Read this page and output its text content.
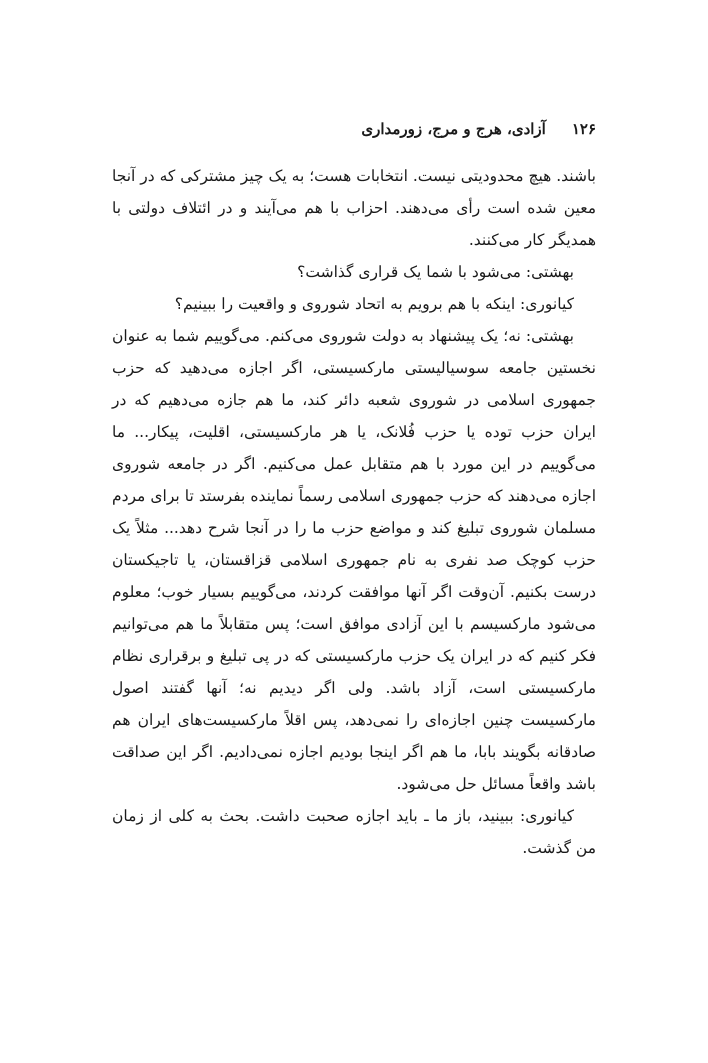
۱۲۶
آزادی، هرج و مرج، زورمداری

باشند. هیچ محدودیتی نیست. انتخابات هست؛ به یک چیز مشترکی که در آنجا معین شده است رأی می‌دهند. احزاب با هم می‌آیند و در ائتلاف دولتی با همدیگر کار می‌کنند.

بهشتی: می‌شود با شما یک قراری گذاشت؟

کیانوری: اینکه با هم برویم به اتحاد شوروی و واقعیت را ببینیم؟

بهشتی: نه؛ یک پیشنهاد به دولت شوروی می‌کنم. می‌گوییم شما به عنوان نخستین جامعه سوسیالیستی مارکسیستی، اگر اجازه می‌دهید که حزب جمهوری اسلامی در شوروی شعبه دائر کند، ما هم جازه می‌دهیم که در ایران حزب توده یا حزب فُلانک، یا هر مارکسیستی، اقلیت، پیکار... ما می‌گوییم در این مورد با هم متقابل عمل می‌کنیم. اگر در جامعه شوروی اجازه می‌دهند که حزب جمهوری اسلامی رسماً نماینده بفرستد تا برای مردم مسلمان شوروی تبلیغ کند و مواضع حزب ما را در آنجا شرح دهد... مثلاً یک حزب کوچک صد نفری به نام جمهوری اسلامی قزاقستان، یا تاجیکستان درست بکنیم. آن‌وقت اگر آنها موافقت کردند، می‌گوییم بسیار خوب؛ معلوم می‌شود مارکسیسم با این آزادی موافق است؛ پس متقابلاً ما هم می‌توانیم فکر کنیم که در ایران یک حزب مارکسیستی که در پی تبلیغ و برقراری نظام مارکسیستی است، آزاد باشد. ولی اگر دیدیم نه؛ آنها گفتند اصول مارکسیست چنین اجازه‌ای را نمی‌دهد، پس اقلاً مارکسیست‌های ایران هم صادقانه بگویند بابا، ما هم اگر اینجا بودیم اجازه نمی‌دادیم. اگر این صداقت باشد واقعاً مسائل حل می‌شود.

کیانوری: ببینید، باز ما ـ باید اجازه صحبت داشت. بحث به کلی از زمان من گذشت.
